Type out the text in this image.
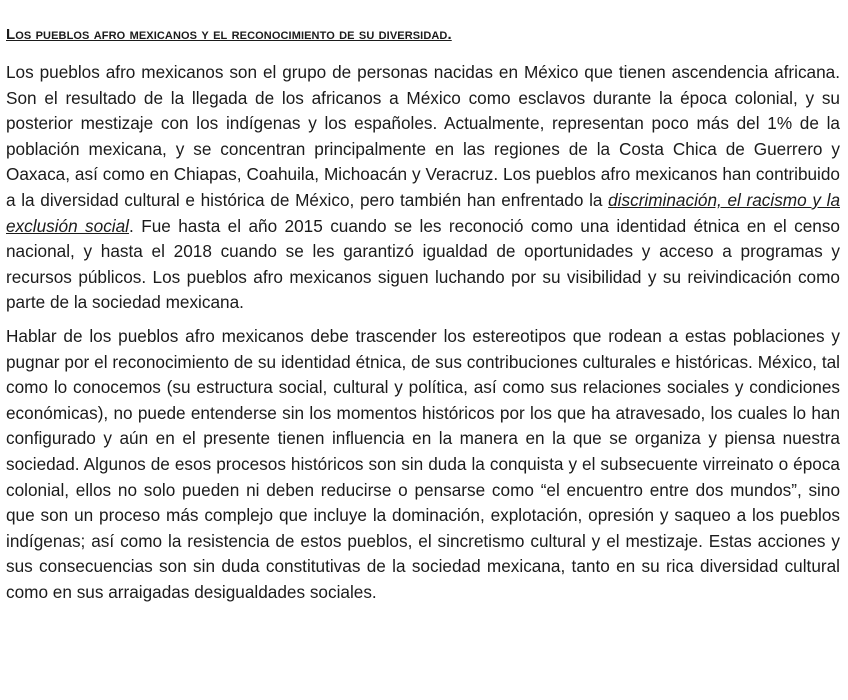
Los pueblos afro mexicanos y el reconocimiento de su diversidad.

Los pueblos afro mexicanos son el grupo de personas nacidas en México que tienen ascendencia africana. Son el resultado de la llegada de los africanos a México como esclavos durante la época colonial, y su posterior mestizaje con los indígenas y los españoles. Actualmente, representan poco más del 1% de la población mexicana, y se concentran principalmente en las regiones de la Costa Chica de Guerrero y Oaxaca, así como en Chiapas, Coahuila, Michoacán y Veracruz. Los pueblos afro mexicanos han contribuido a la diversidad cultural e histórica de México, pero también han enfrentado la discriminación, el racismo y la exclusión social. Fue hasta el año 2015 cuando se les reconoció como una identidad étnica en el censo nacional, y hasta el 2018 cuando se les garantizó igualdad de oportunidades y acceso a programas y recursos públicos. Los pueblos afro mexicanos siguen luchando por su visibilidad y su reivindicación como parte de la sociedad mexicana.

Hablar de los pueblos afro mexicanos debe trascender los estereotipos que rodean a estas poblaciones y pugnar por el reconocimiento de su identidad étnica, de sus contribuciones culturales e históricas. México, tal como lo conocemos (su estructura social, cultural y política, así como sus relaciones sociales y condiciones económicas), no puede entenderse sin los momentos históricos por los que ha atravesado, los cuales lo han configurado y aún en el presente tienen influencia en la manera en la que se organiza y piensa nuestra sociedad. Algunos de esos procesos históricos son sin duda la conquista y el subsecuente virreinato o época colonial, ellos no solo pueden ni deben reducirse o pensarse como “el encuentro entre dos mundos”, sino que son un proceso más complejo que incluye la dominación, explotación, opresión y saqueo a los pueblos indígenas; así como la resistencia de estos pueblos, el sincretismo cultural y el mestizaje. Estas acciones y sus consecuencias son sin duda constitutivas de la sociedad mexicana, tanto en su rica diversidad cultural como en sus arraigadas desigualdades sociales.
